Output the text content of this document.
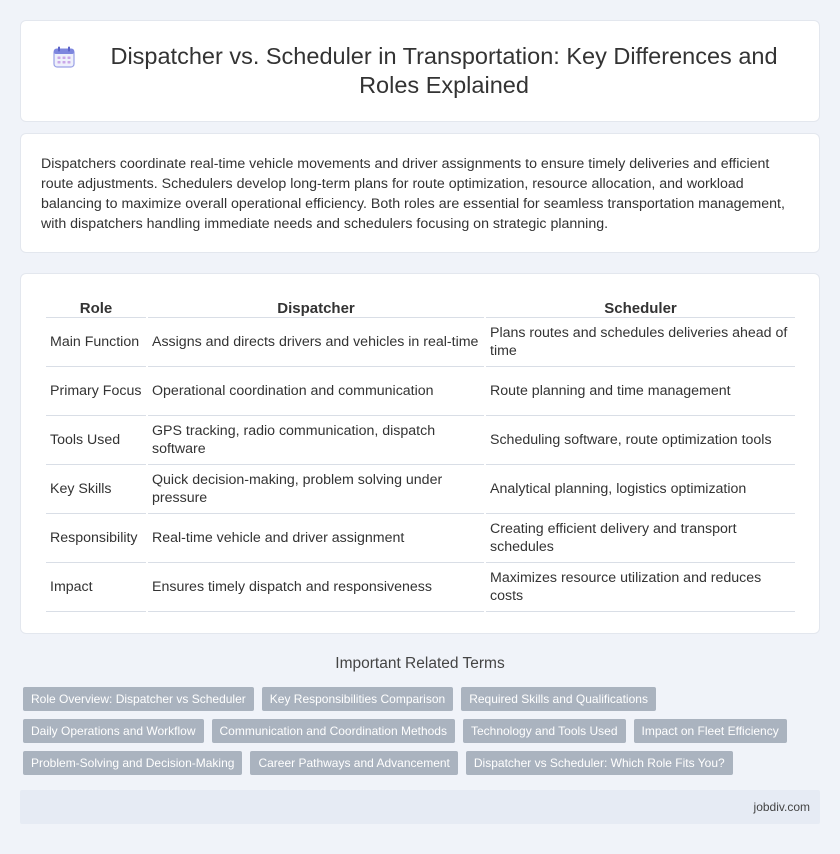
Dispatcher vs. Scheduler in Transportation: Key Differences and Roles Explained

Dispatchers coordinate real-time vehicle movements and driver assignments to ensure timely deliveries and efficient route adjustments. Schedulers develop long-term plans for route optimization, resource allocation, and workload balancing to maximize overall operational efficiency. Both roles are essential for seamless transportation management, with dispatchers handling immediate needs and schedulers focusing on strategic planning.

Role	Dispatcher	Scheduler
Main Function	Assigns and directs drivers and vehicles in real-time	Plans routes and schedules deliveries ahead of time
Primary Focus	Operational coordination and communication	Route planning and time management
Tools Used	GPS tracking, radio communication, dispatch software	Scheduling software, route optimization tools
Key Skills	Quick decision-making, problem solving under pressure	Analytical planning, logistics optimization
Responsibility	Real-time vehicle and driver assignment	Creating efficient delivery and transport schedules
Impact	Ensures timely dispatch and responsiveness	Maximizes resource utilization and reduces costs
Important Related Terms
Role Overview: Dispatcher vs Scheduler	Key Responsibilities Comparison	Required Skills and Qualifications
Daily Operations and Workflow	Communication and Coordination Methods	Technology and Tools Used	Impact on Fleet Efficiency
Problem-Solving and Decision-Making	Career Pathways and Advancement	Dispatcher vs Scheduler: Which Role Fits You?
jobdiv.com
